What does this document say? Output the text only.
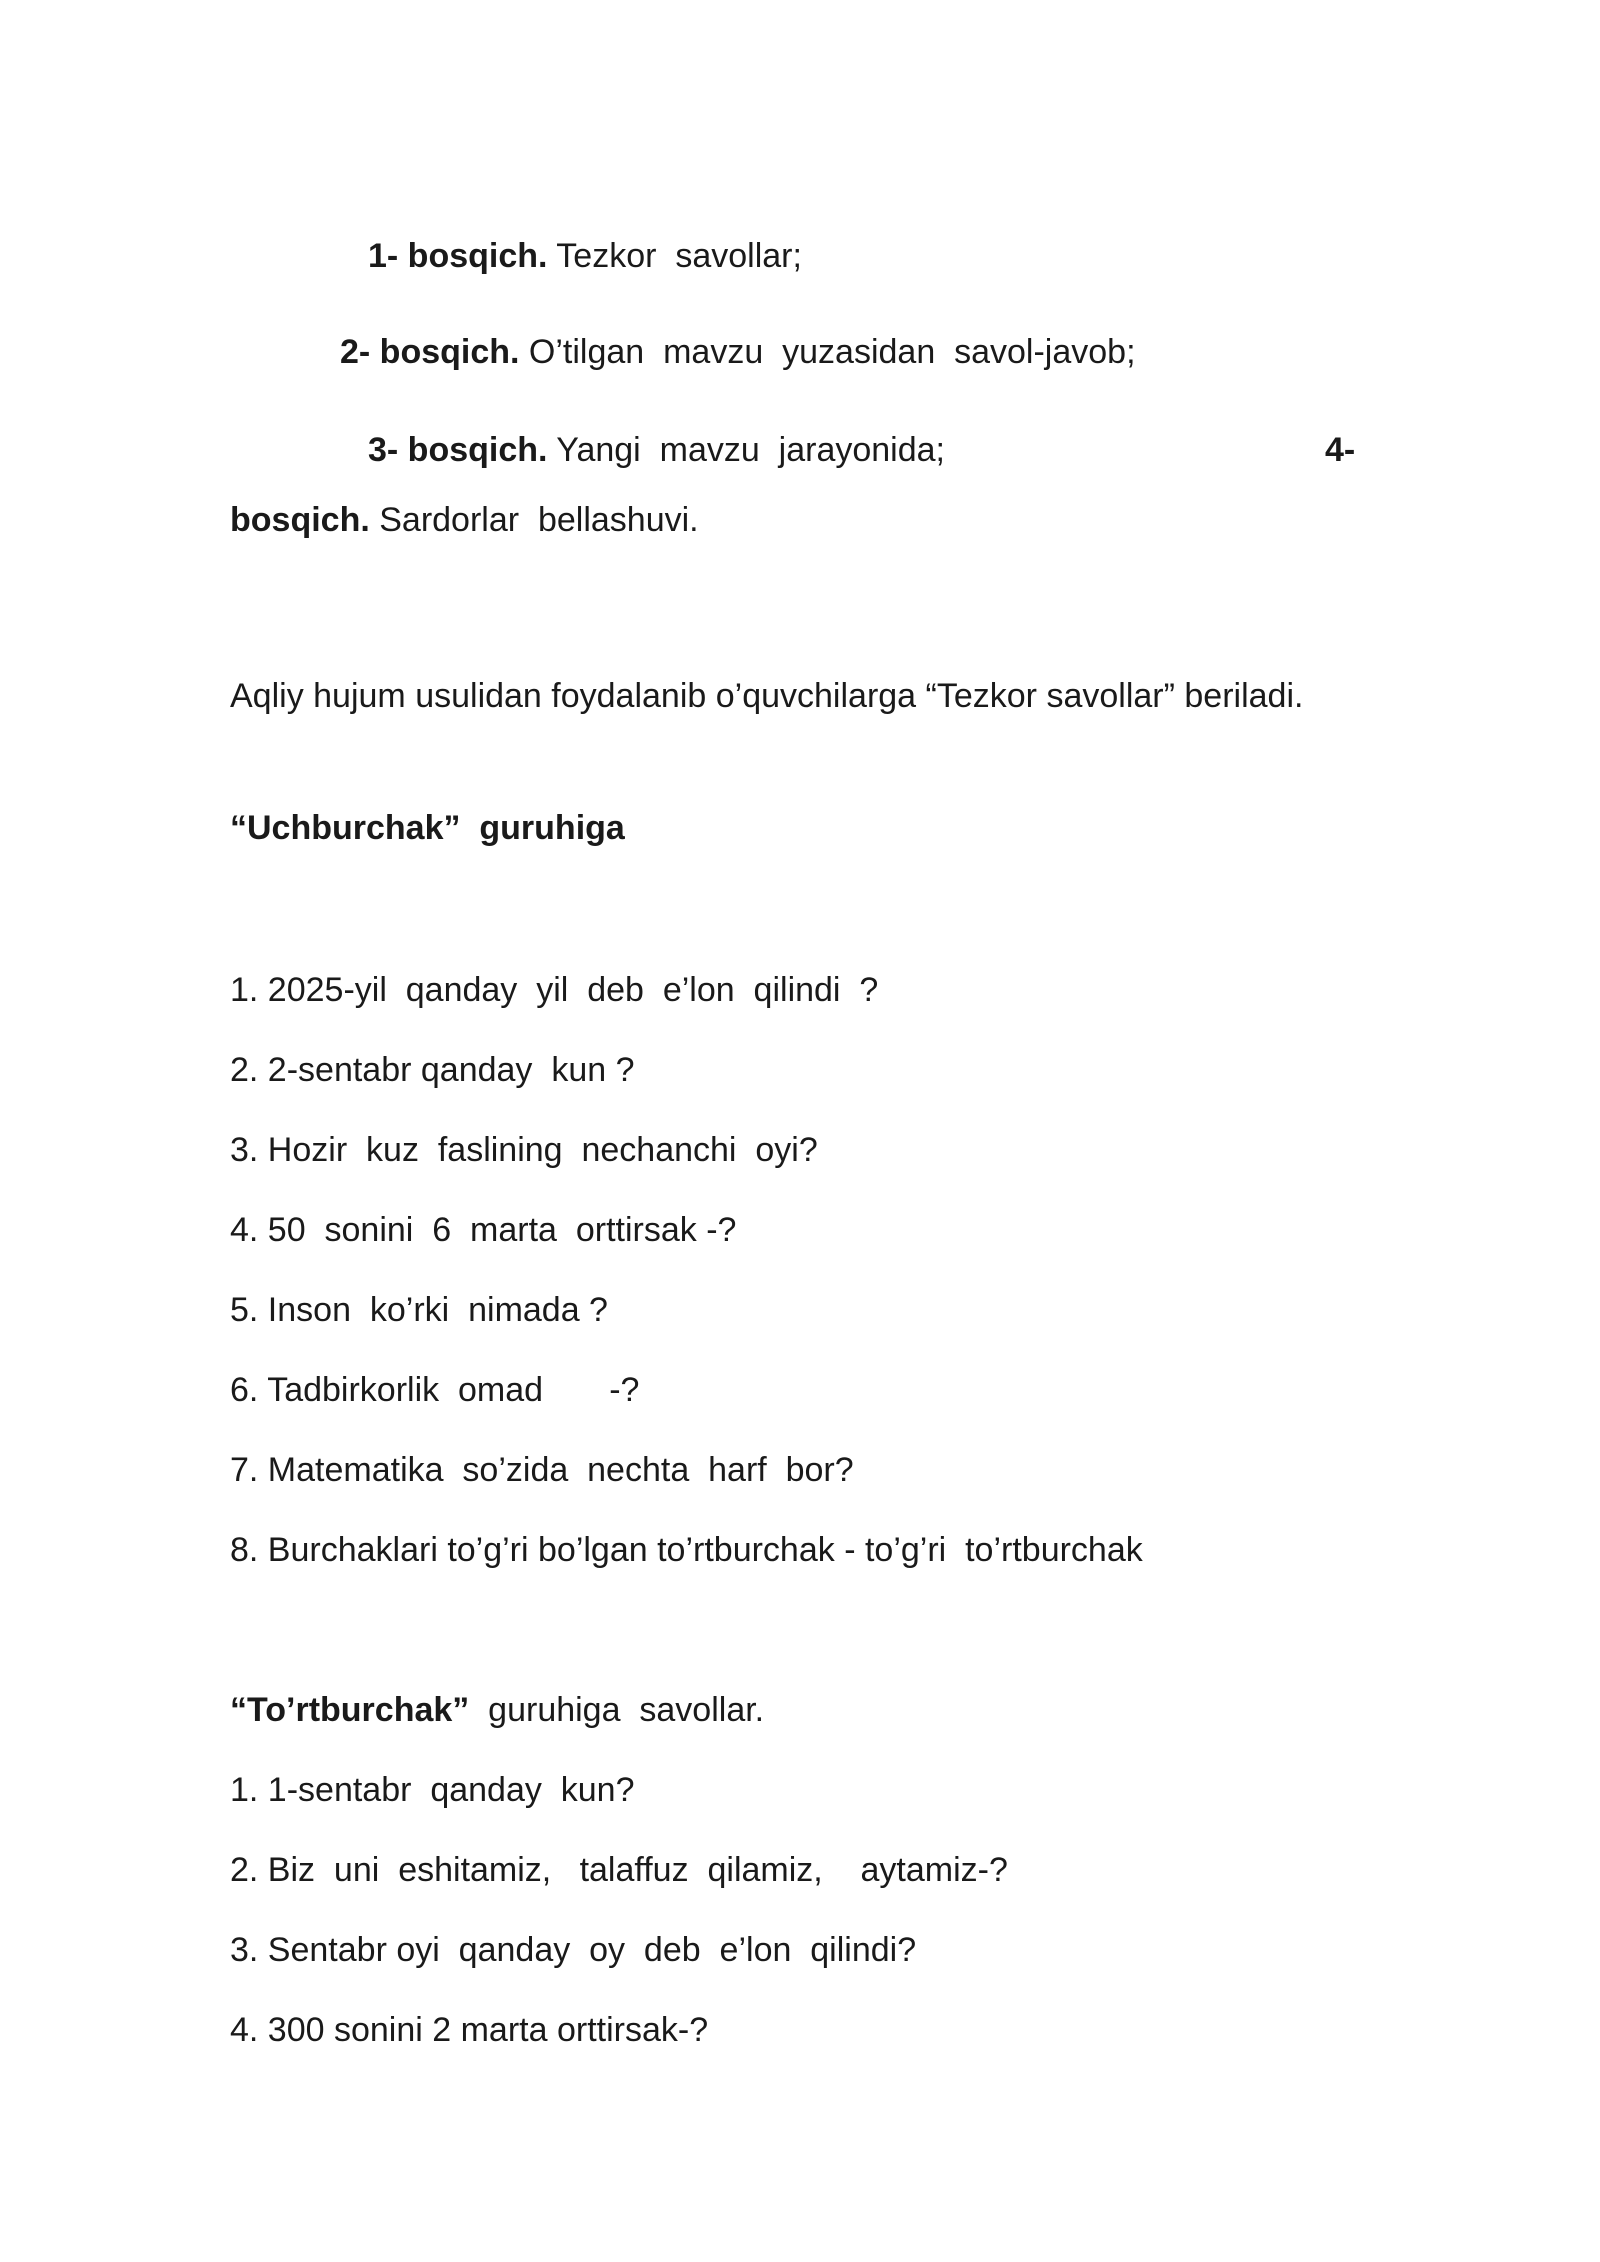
1- bosqich. Tezkor  savollar;

2- bosqich. O’tilgan  mavzu  yuzasidan  savol-javob;

3- bosqich. Yangi  mavzu  jarayonida;	4-

bosqich. Sardorlar  bellashuvi.

Aqliy hujum usulidan foydalanib o’quvchilarga “Tezkor savollar” beriladi.

“Uchburchak”  guruhiga

1. 2025-yil  qanday  yil  deb  e’lon  qilindi  ?

2. 2-sentabr qanday  kun ?

3. Hozir  kuz  faslining  nechanchi  oyi?

4. 50  sonini  6  marta  orttirsak -?

5. Inson  ko’rki  nimada ?

6. Tadbirkorlik  omad       -?

7. Matematika  so’zida  nechta  harf  bor?

8. Burchaklari to’g’ri bo’lgan to’rtburchak - to’g’ri  to’rtburchak

“To’rtburchak”  guruhiga  savollar.

1. 1-sentabr  qanday  kun?

2. Biz  uni  eshitamiz,   talaffuz  qilamiz,    aytamiz-?

3. Sentabr oyi  qanday  oy  deb  e’lon  qilindi?

4. 300 sonini 2 marta orttirsak-?
